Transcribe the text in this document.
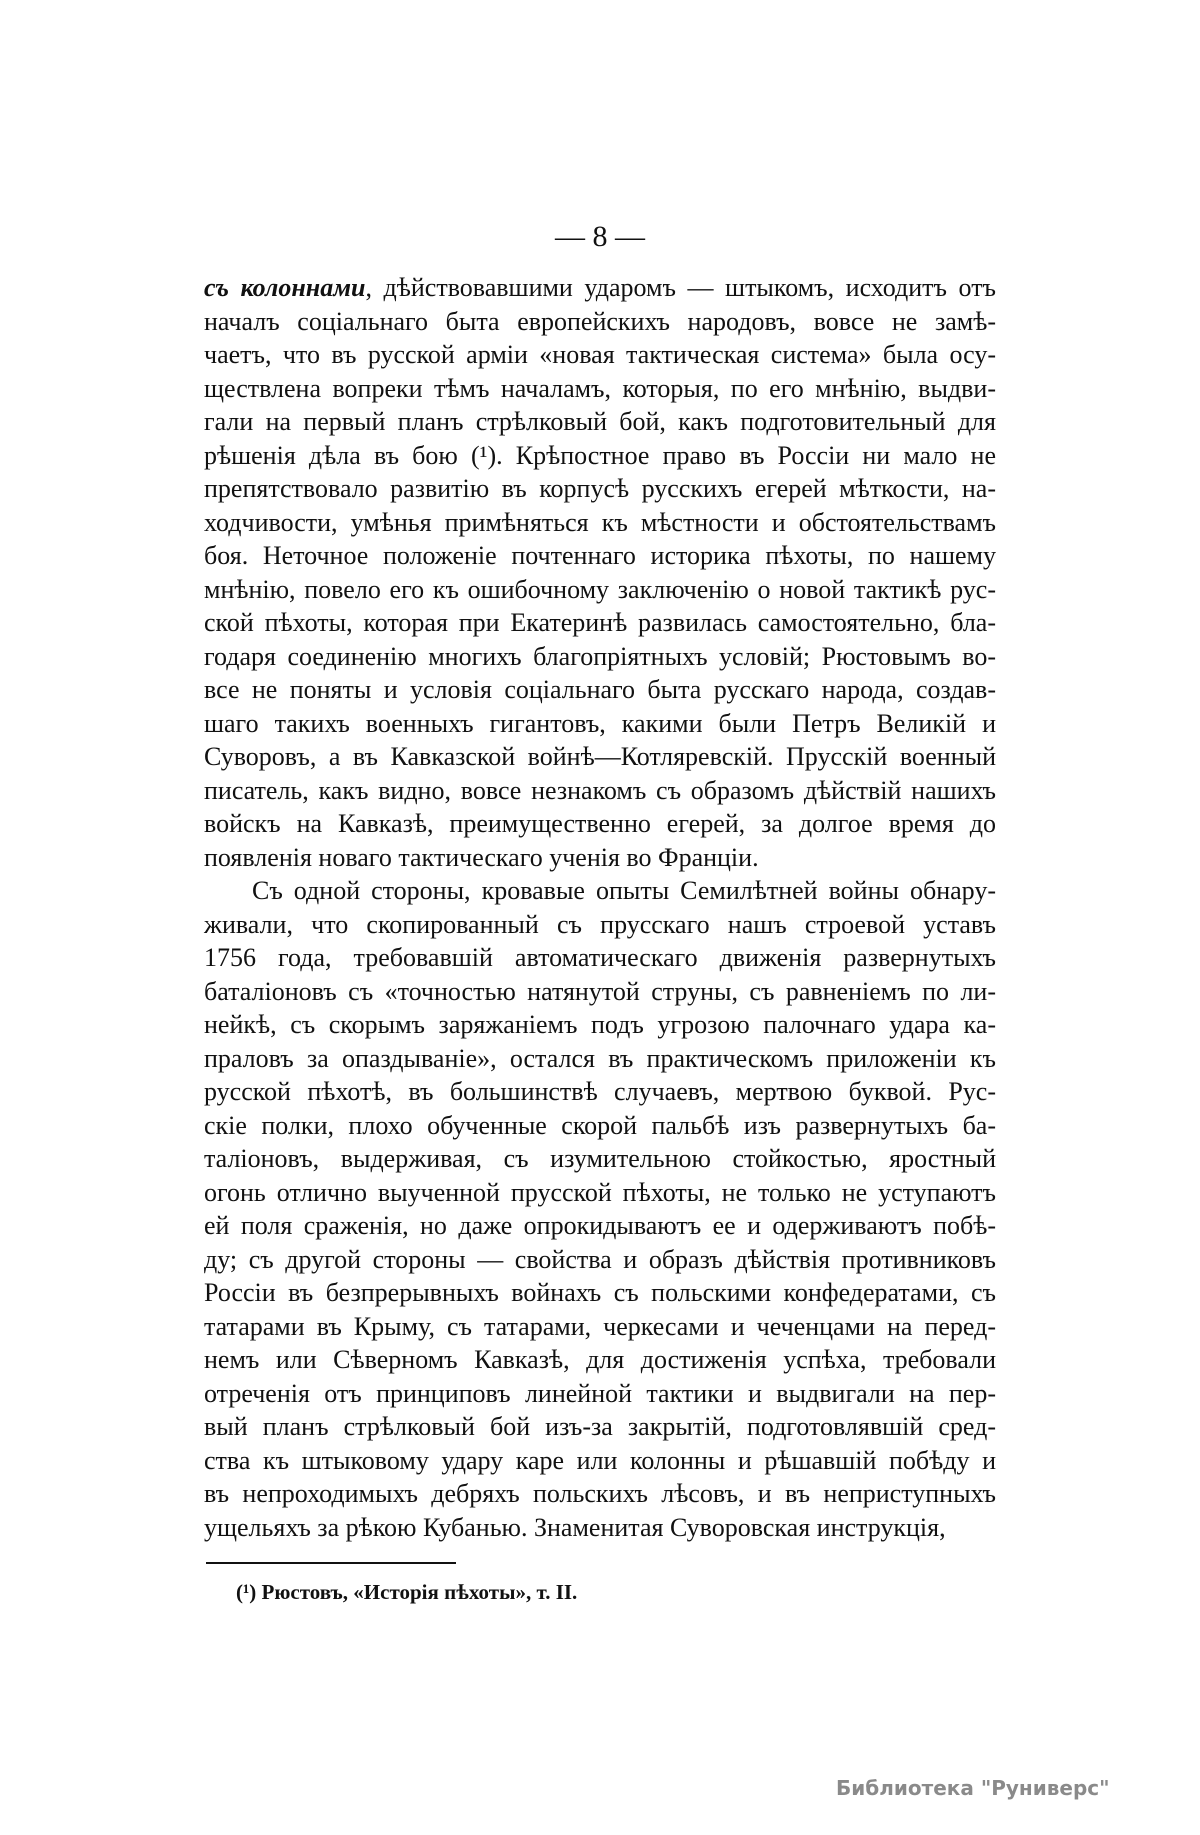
— 8 —
съ колоннами, дѣйствовавшими ударомъ — штыкомъ, исходитъ отъ
началъ соціальнаго быта европейскихъ народовъ, вовсе не замѣ-
чаетъ, что въ русской арміи «новая тактическая система» была осу-
ществлена вопреки тѣмъ началамъ, которыя, по его мнѣнію, выдви-
гали на первый планъ стрѣлковый бой, какъ подготовительный для
рѣшенія дѣла въ бою (¹). Крѣпостное право въ Россіи ни мало не
препятствовало развитію въ корпусѣ русскихъ егерей мѣткости, на-
ходчивости, умѣнья примѣняться къ мѣстности и обстоятельствамъ
боя. Неточное положеніе почтеннаго историка пѣхоты, по нашему
мнѣнію, повело его къ ошибочному заключенію о новой тактикѣ рус-
ской пѣхоты, которая при Екатеринѣ развилась самостоятельно, бла-
годаря соединенію многихъ благопріятныхъ условій; Рюстовымъ во-
все не поняты и условія соціальнаго быта русскаго народа, создав-
шаго такихъ военныхъ гигантовъ, какими были Петръ Великій и
Суворовъ, а въ Кавказской войнѣ—Котляревскій. Прусскій военный
писатель, какъ видно, вовсе незнакомъ съ образомъ дѣйствій нашихъ
войскъ на Кавказѣ, преимущественно егерей, за долгое время до
появленія новаго тактическаго ученія во Франціи.
Съ одной стороны, кровавые опыты Семилѣтней войны обнару-
живали, что скопированный съ прусскаго нашъ строевой уставъ
1756 года, требовавшій автоматическаго движенія развернутыхъ
баталіоновъ съ «точностью натянутой струны, съ равненіемъ по ли-
нейкѣ, съ скорымъ заряжаніемъ подъ угрозою палочнаго удара ка-
праловъ за опаздываніе», остался въ практическомъ приложеніи къ
русской пѣхотѣ, въ большинствѣ случаевъ, мертвою буквой. Рус-
скіе полки, плохо обученные скорой пальбѣ изъ развернутыхъ ба-
таліоновъ, выдерживая, съ изумительною стойкостью, яростный
огонь отлично выученной прусской пѣхоты, не только не уступаютъ
ей поля сраженія, но даже опрокидываютъ ее и одерживаютъ побѣ-
ду; съ другой стороны — свойства и образъ дѣйствія противниковъ
Россіи въ безпрерывныхъ войнахъ съ польскими конфедератами, съ
татарами въ Крыму, съ татарами, черкесами и чеченцами на перед-
немъ или Сѣверномъ Кавказѣ, для достиженія успѣха, требовали
отреченія отъ принциповъ линейной тактики и выдвигали на пер-
вый планъ стрѣлковый бой изъ-за закрытій, подготовлявшій сред-
ства къ штыковому удару каре или колонны и рѣшавшій побѣду и
въ непроходимыхъ дебряхъ польскихъ лѣсовъ, и въ неприступныхъ
ущельяхъ за рѣкою Кубанью. Знаменитая Суворовская инструкція,
(¹) Рюстовъ, «Исторія пѣхоты», т. II.
Библиотека "Руниверс"
